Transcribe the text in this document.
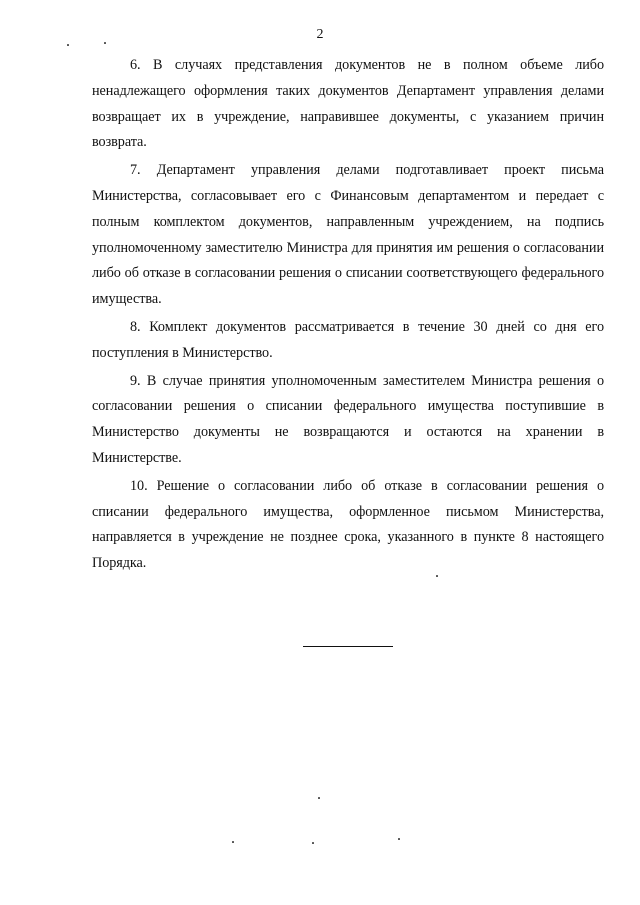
2

6. В случаях представления документов не в полном объеме либо ненадлежащего оформления таких документов Департамент управления делами возвращает их в учреждение, направившее документы, с указанием причин возврата.

7. Департамент управления делами подготавливает проект письма Министерства, согласовывает его с Финансовым департаментом и передает с полным комплектом документов, направленным учреждением, на подпись уполномоченному заместителю Министра для принятия им решения о согласовании либо об отказе в согласовании решения о списании соответствующего федерального имущества.

8. Комплект документов рассматривается в течение 30 дней со дня его поступления в Министерство.

9. В случае принятия уполномоченным заместителем Министра решения о согласовании решения о списании федерального имущества поступившие в Министерство документы не возвращаются и остаются на хранении в Министерстве.

10. Решение о согласовании либо об отказе в согласовании решения о списании федерального имущества, оформленное письмом Министерства, направляется в учреждение не позднее срока, указанного в пункте 8 настоящего Порядка.
